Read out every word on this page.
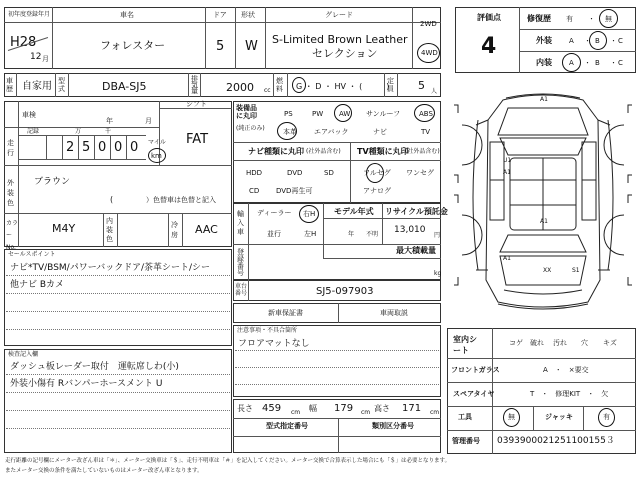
初年度登録年月	車名	ドア 形状	グレード
2WD
H28
12 月
フォレスター	5 W S-Limited Brown Leather
セレクション	4WD
車歴 自家用 型式	DBA-SJ5
排気量	2000 cc
燃料 G ・ D ・ HV ・ (　　　)
定員 5 人
車検
年	月
シフト
FAT
走行
記録	万	千
2 5 0 0 0 マイル
km
外装色
ブラウン
）色替車は色替と記入
(
カラー No.
M4Y
内装色
冷房 AAC
装備品に丸印
(純正のみ)
PS	PW AW サンルーフ	ABS
本革 エアバック	ナビ	TV
ナビ種類に丸印 (社外品含む) TV種類に丸印
(社外品含む)
HDD	DVD	SD
CD DVD再生可
フルセグ ワンセグ
アナログ
輸入車
ディーラー
並行
右H
左H
モデル年式
年 不明
リサイクル預託金
13,010
円
登録番号
最大積載量
kg
車台番号	SJ5-097903
セールスポイント
ナビ*TV/BSM/パワーバックドア/茶革シート/シー
他ナビ Bカメ
新車保証書	車両取説
注意事項・不具合箇所
フロアマットなし
検査記入欄
ダッシュ板レーダー取付　運転席しわ(小)
外装小傷有 Rバンパーホースメント U
長さ 459 cm 幅 179 cm 高さ 171 cm
型式指定番号	類別区分番号
評価点
4
修復歴 有 ・ 無
外装 A ・ B ・ C
内装 A ・ B ・ C
A1
U1
A1
A1
XX	S1
A1
室内シート
コゲ 破れ 汚れ 穴 キズ
フロントガラス	A　・　×要交
スペアタイヤ	T　・　修理KIT　・　欠
工具	無	ジャッキ	有
管理番号 0393900021251100155３
走行距離の記号欄にメーター改ざん車は「＊」、メーター交換車は「＄」、走行不明車は「＃」を記入してください。メーター交換で合算表示した場合にも「＄」は必要となります。
またメーター交換の条件を満たしていないものはメーター改ざん車となります。
